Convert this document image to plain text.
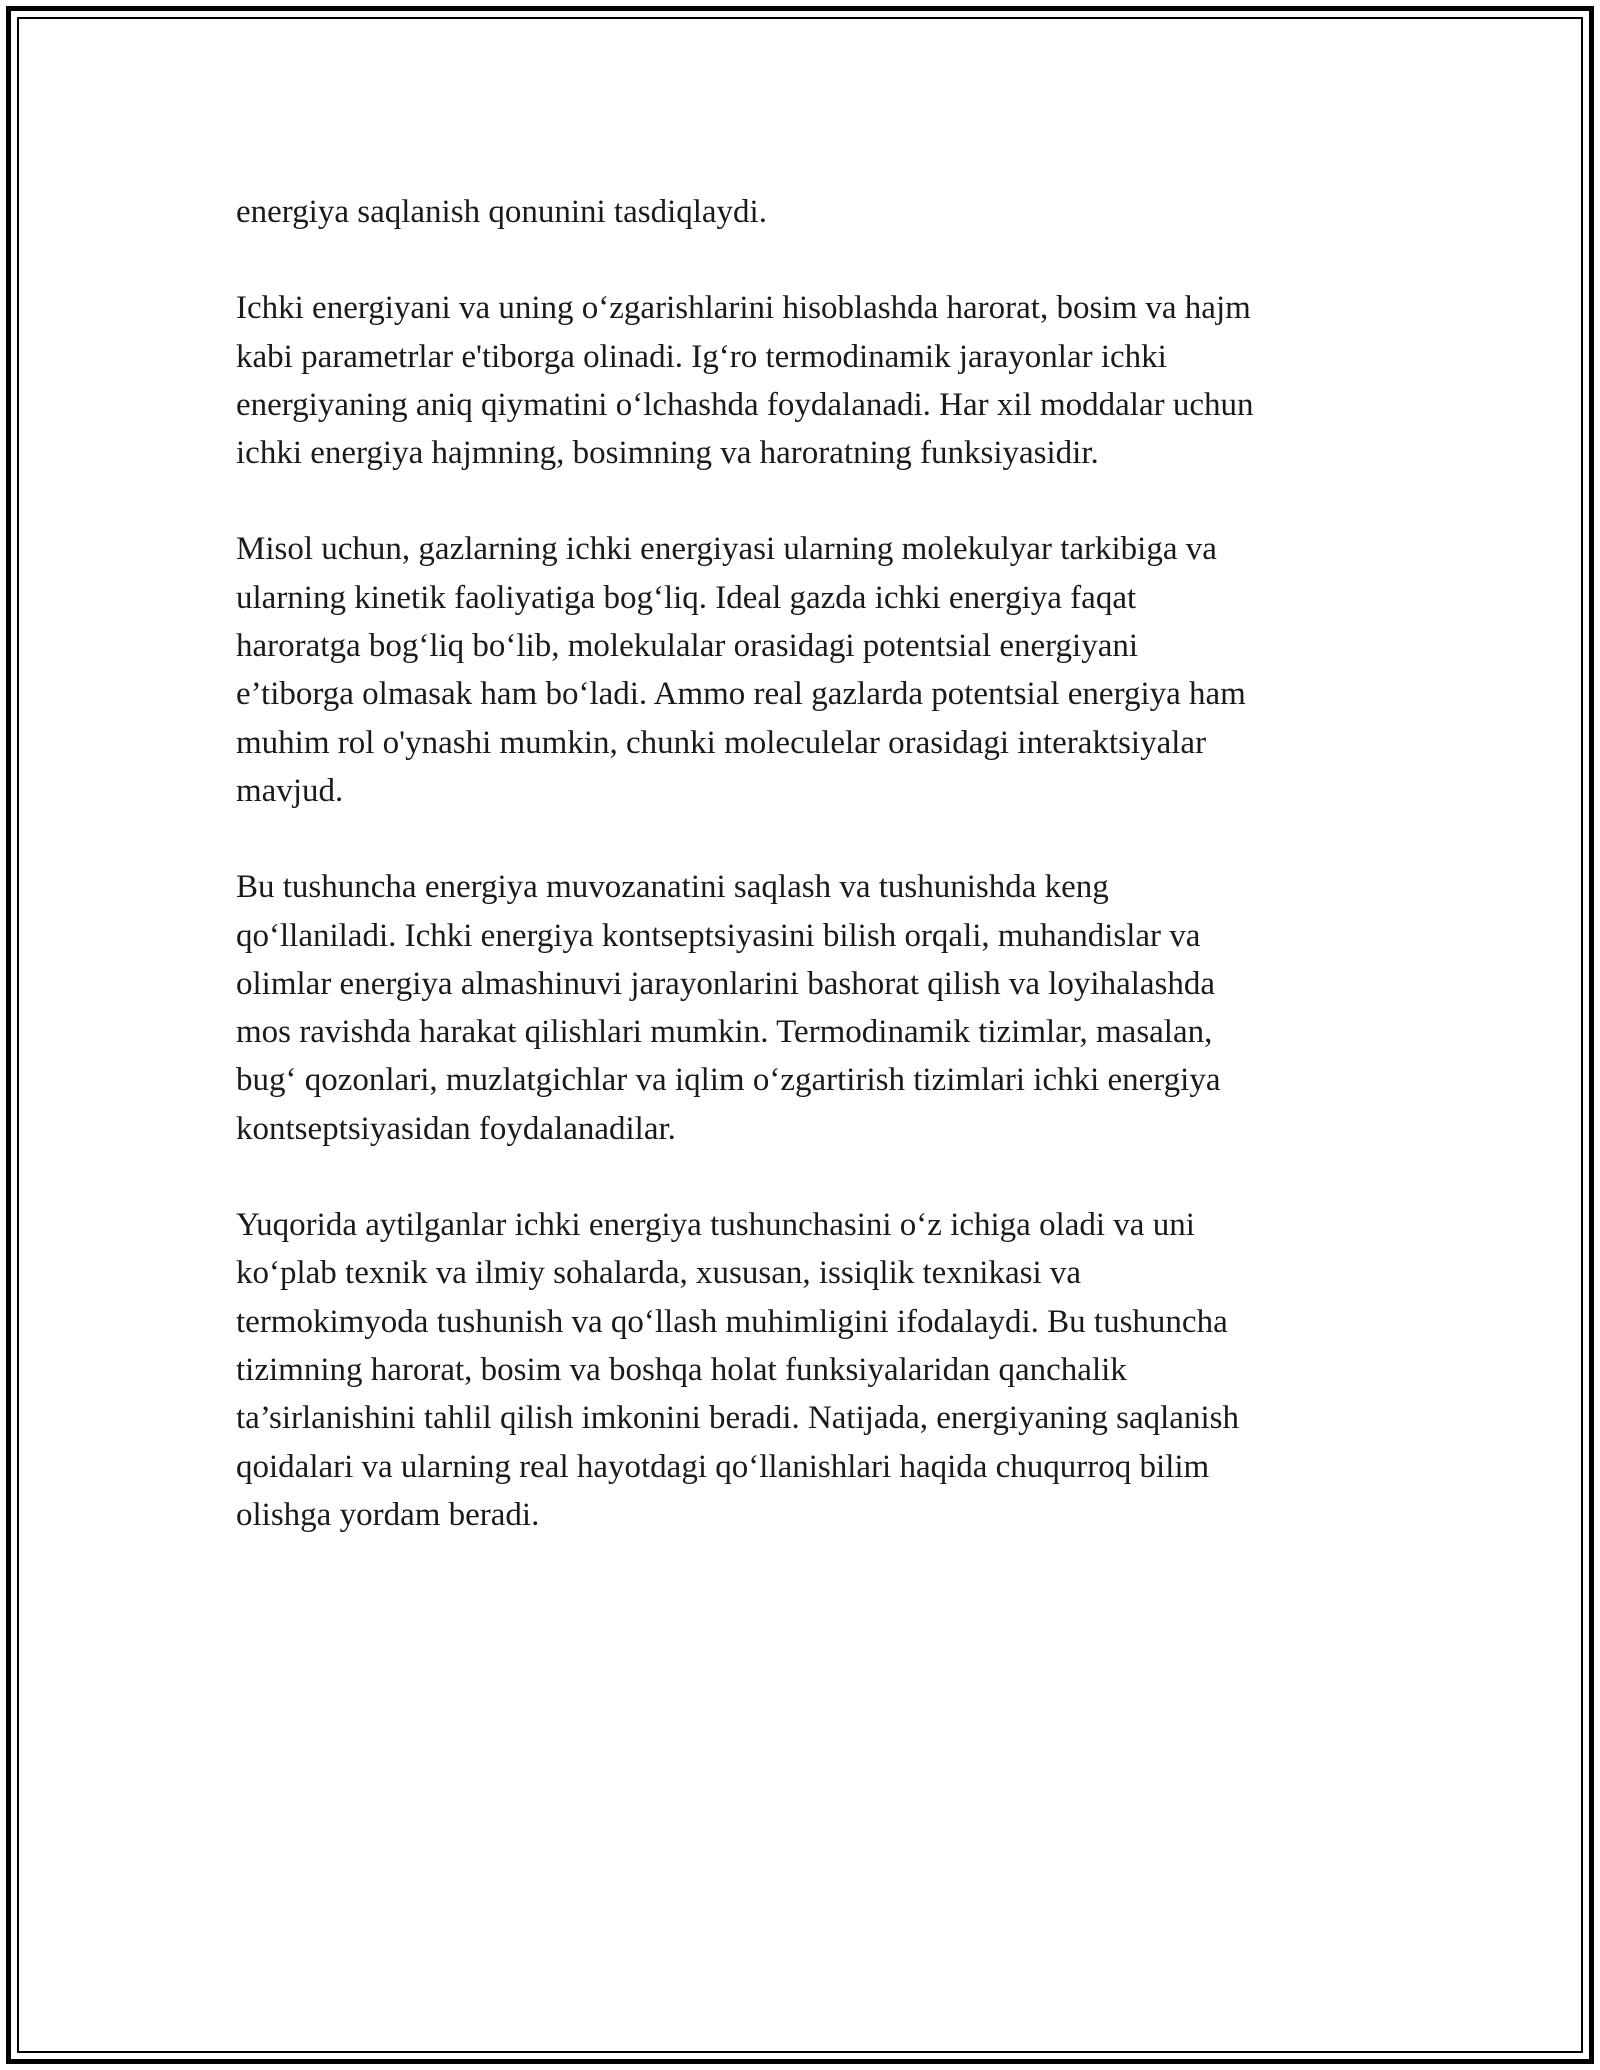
energiya saqlanish qonunini tasdiqlaydi.

Ichki energiyani va uning o‘zgarishlarini hisoblashda harorat, bosim va hajm
kabi parametrlar e'tiborga olinadi. Ig‘ro termodinamik jarayonlar ichki
energiyaning aniq qiymatini o‘lchashda foydalanadi. Har xil moddalar uchun
ichki energiya hajmning, bosimning va haroratning funksiyasidir.

Misol uchun, gazlarning ichki energiyasi ularning molekulyar tarkibiga va
ularning kinetik faoliyatiga bog‘liq. Ideal gazda ichki energiya faqat
haroratga bog‘liq bo‘lib, molekulalar orasidagi potentsial energiyani
e’tiborga olmasak ham bo‘ladi. Ammo real gazlarda potentsial energiya ham
muhim rol o'ynashi mumkin, chunki moleculelar orasidagi interaktsiyalar
mavjud.

Bu tushuncha energiya muvozanatini saqlash va tushunishda keng
qo‘llaniladi. Ichki energiya kontseptsiyasini bilish orqali, muhandislar va
olimlar energiya almashinuvi jarayonlarini bashorat qilish va loyihalashda
mos ravishda harakat qilishlari mumkin. Termodinamik tizimlar, masalan,
bug‘ qozonlari, muzlatgichlar va iqlim o‘zgartirish tizimlari ichki energiya
kontseptsiyasidan foydalanadilar.

Yuqorida aytilganlar ichki energiya tushunchasini o‘z ichiga oladi va uni
ko‘plab texnik va ilmiy sohalarda, xususan, issiqlik texnikasi va
termokimyoda tushunish va qo‘llash muhimligini ifodalaydi. Bu tushuncha
tizimning harorat, bosim va boshqa holat funksiyalaridan qanchalik
ta’sirlanishini tahlil qilish imkonini beradi. Natijada, energiyaning saqlanish
qoidalari va ularning real hayotdagi qo‘llanishlari haqida chuqurroq bilim
olishga yordam beradi.
